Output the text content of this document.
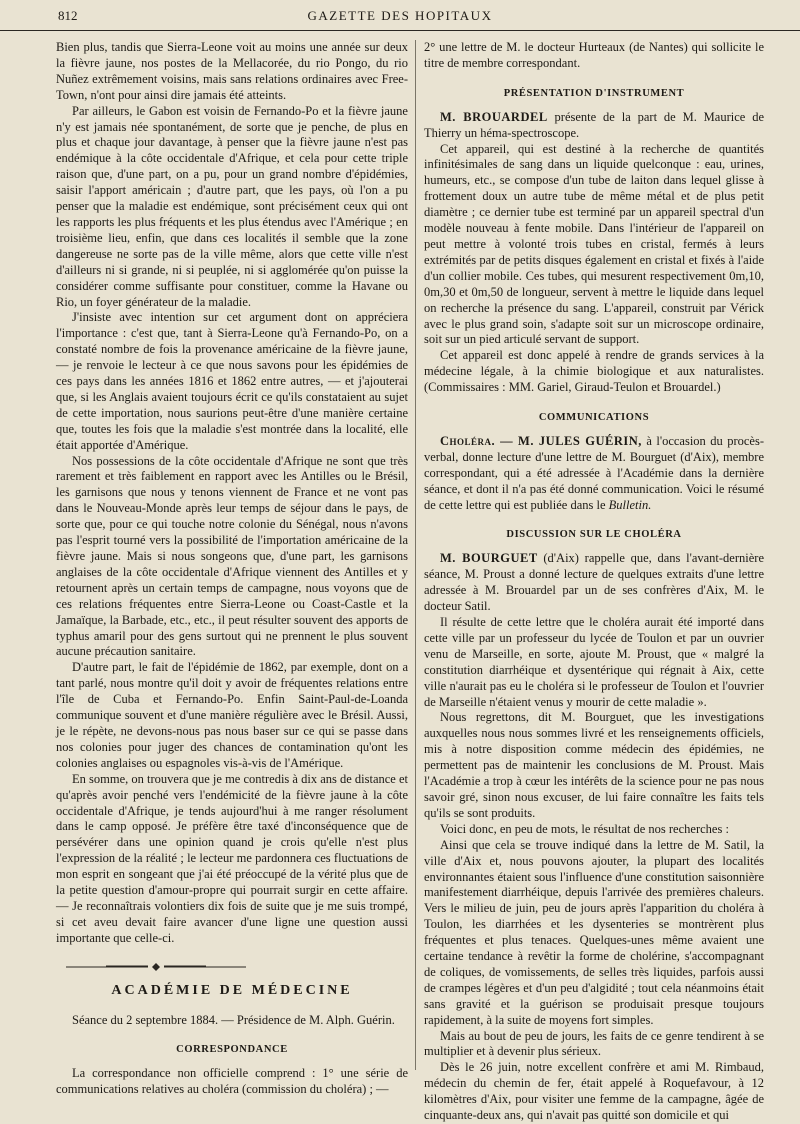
812	GAZETTE DES HOPITAUX

Bien plus, tandis que Sierra-Leone voit au moins une année sur deux la fièvre jaune, nos postes de la Mellacorée, du rio Pongo, du rio Nuñez extrêmement voisins, mais sans relations ordinaires avec Free-Town, n'ont pour ainsi dire jamais été atteints.

Par ailleurs, le Gabon est voisin de Fernando-Po et la fièvre jaune n'y est jamais née spontanément, de sorte que je penche, de plus en plus et chaque jour davantage, à penser que la fièvre jaune n'est pas endémique à la côte occidentale d'Afrique, et cela pour cette triple raison que, d'une part, on a pu, pour un grand nombre d'épidémies, saisir l'apport américain ; d'autre part, que les pays, où l'on a pu penser que la maladie est endémique, sont précisément ceux qui ont les rapports les plus fréquents et les plus étendus avec l'Amérique ; en troisième lieu, enfin, que dans ces localités il semble que la zone dangereuse ne sorte pas de la ville même, alors que cette ville n'est d'ailleurs ni si grande, ni si peuplée, ni si agglomérée qu'on puisse la considérer comme suffisante pour constituer, comme la Havane ou Rio, un foyer générateur de la maladie.

J'insiste avec intention sur cet argument dont on appréciera l'importance : c'est que, tant à Sierra-Leone qu'à Fernando-Po, on a constaté nombre de fois la provenance américaine de la fièvre jaune, — je renvoie le lecteur à ce que nous savons pour les épidémies de ces pays dans les années 1816 et 1862 entre autres, — et j'ajouterai que, si les Anglais avaient toujours écrit ce qu'ils constataient au sujet de cette importation, nous saurions peut-être d'une manière certaine que, toutes les fois que la maladie s'est montrée dans la localité, elle était apportée d'Amérique.

Nos possessions de la côte occidentale d'Afrique ne sont que très rarement et très faiblement en rapport avec les Antilles ou le Brésil, les garnisons que nous y tenons viennent de France et ne vont pas dans le Nouveau-Monde après leur temps de séjour dans le pays, de sorte que, pour ce qui touche notre colonie du Sénégal, nous n'avons pas l'esprit tourné vers la possibilité de l'importation américaine de la fièvre jaune. Mais si nous songeons que, d'une part, les garnisons anglaises de la côte occidentale d'Afrique viennent des Antilles et y retournent après un certain temps de campagne, nous voyons que de ces relations fréquentes entre Sierra-Leone ou Coast-Castle et la Jamaïque, la Barbade, etc., etc., il peut résulter souvent des apports de typhus amaril pour des gens surtout qui ne prennent le plus souvent aucune précaution sanitaire.

D'autre part, le fait de l'épidémie de 1862, par exemple, dont on a tant parlé, nous montre qu'il doit y avoir de fréquentes relations entre l'île de Cuba et Fernando-Po. Enfin Saint-Paul-de-Loanda communique souvent et d'une manière régulière avec le Brésil. Aussi, je le répète, ne devons-nous pas nous baser sur ce qui se passe dans nos colonies pour juger des chances de contamination qu'ont les colonies anglaises ou espagnoles vis-à-vis de l'Amérique.

En somme, on trouvera que je me contredis à dix ans de distance et qu'après avoir penché vers l'endémicité de la fièvre jaune à la côte occidentale d'Afrique, je tends aujourd'hui à me ranger résolument dans le camp opposé. Je préfère être taxé d'inconséquence que de persévérer dans une opinion quand je crois qu'elle n'est plus l'expression de la réalité ; le lecteur me pardonnera ces fluctuations de mon esprit en songeant que j'ai été préoccupé de la vérité plus que de la petite question d'amour-propre qui pourrait surgir en cette affaire. — Je reconnaîtrais volontiers dix fois de suite que je me suis trompé, si cet aveu devait faire avancer d'une ligne une question aussi importante que celle-ci.

ACADÉMIE DE MÉDECINE

Séance du 2 septembre 1884. — Présidence de M. Alph. Guérin.

CORRESPONDANCE

La correspondance non officielle comprend : 1° une série de communications relatives au choléra (commission du choléra) ; —

2° une lettre de M. le docteur Hurteaux (de Nantes) qui sollicite le titre de membre correspondant.

PRÉSENTATION D'INSTRUMENT

M. BROUARDEL présente de la part de M. Maurice de Thierry un héma-spectroscope.

Cet appareil, qui est destiné à la recherche de quantités infinitésimales de sang dans un liquide quelconque : eau, urines, humeurs, etc., se compose d'un tube de laiton dans lequel glisse à frottement doux un autre tube de même métal et de plus petit diamètre ; ce dernier tube est terminé par un appareil spectral d'un modèle nouveau à fente mobile. Dans l'intérieur de l'appareil on peut mettre à volonté trois tubes en cristal, fermés à leurs extrémités par de petits disques également en cristal et fixés à l'aide d'un collier mobile. Ces tubes, qui mesurent respectivement 0m,10, 0m,30 et 0m,50 de longueur, servent à mettre le liquide dans lequel on recherche la présence du sang. L'appareil, construit par Vérick avec le plus grand soin, s'adapte soit sur un microscope ordinaire, soit sur un pied articulé servant de support.

Cet appareil est donc appelé à rendre de grands services à la médecine légale, à la chimie biologique et aux naturalistes. (Commissaires : MM. Gariel, Giraud-Teulon et Brouardel.)

COMMUNICATIONS

Choléra. — M. JULES GUÉRIN, à l'occasion du procès-verbal, donne lecture d'une lettre de M. Bourguet (d'Aix), membre correspondant, qui a été adressée à l'Académie dans la dernière séance, et dont il n'a pas été donné communication. Voici le résumé de cette lettre qui est publiée dans le Bulletin.

DISCUSSION SUR LE CHOLÉRA

M. BOURGUET (d'Aix) rappelle que, dans l'avant-dernière séance, M. Proust a donné lecture de quelques extraits d'une lettre adressée à M. Brouardel par un de ses confrères d'Aix, M. le docteur Satil.

Il résulte de cette lettre que le choléra aurait été importé dans cette ville par un professeur du lycée de Toulon et par un ouvrier venu de Marseille, en sorte, ajoute M. Proust, que « malgré la constitution diarrhéique et dysentérique qui régnait à Aix, cette ville n'aurait pas eu le choléra si le professeur de Toulon et l'ouvrier de Marseille n'étaient venus y mourir de cette maladie ».

Nous regrettons, dit M. Bourguet, que les investigations auxquelles nous nous sommes livré et les renseignements officiels, mis à notre disposition comme médecin des épidémies, ne permettent pas de maintenir les conclusions de M. Proust. Mais l'Académie a trop à cœur les intérêts de la science pour ne pas nous savoir gré, sinon nous excuser, de lui faire connaître les faits tels qu'ils se sont produits.

Voici donc, en peu de mots, le résultat de nos recherches :

Ainsi que cela se trouve indiqué dans la lettre de M. Satil, la ville d'Aix et, nous pouvons ajouter, la plupart des localités environnantes étaient sous l'influence d'une constitution saisonnière manifestement diarrhéique, depuis l'arrivée des premières chaleurs. Vers le milieu de juin, peu de jours après l'apparition du choléra à Toulon, les diarrhées et les dysenteries se montrèrent plus fréquentes et plus tenaces. Quelques-unes même avaient une certaine tendance à revêtir la forme de cholérine, s'accompagnant de coliques, de vomissements, de selles très liquides, parfois aussi de crampes légères et d'un peu d'algidité ; tout cela néanmoins était sans gravité et la guérison se produisait presque toujours rapidement, à la suite de moyens fort simples.

Mais au bout de peu de jours, les faits de ce genre tendirent à se multiplier et à devenir plus sérieux.

Dès le 26 juin, notre excellent confrère et ami M. Rimbaud, médecin du chemin de fer, était appelé à Roquefavour, à 12 kilomètres d'Aix, pour visiter une femme de la campagne, âgée de cinquante-deux ans, qui n'avait pas quitté son domicile et qui
